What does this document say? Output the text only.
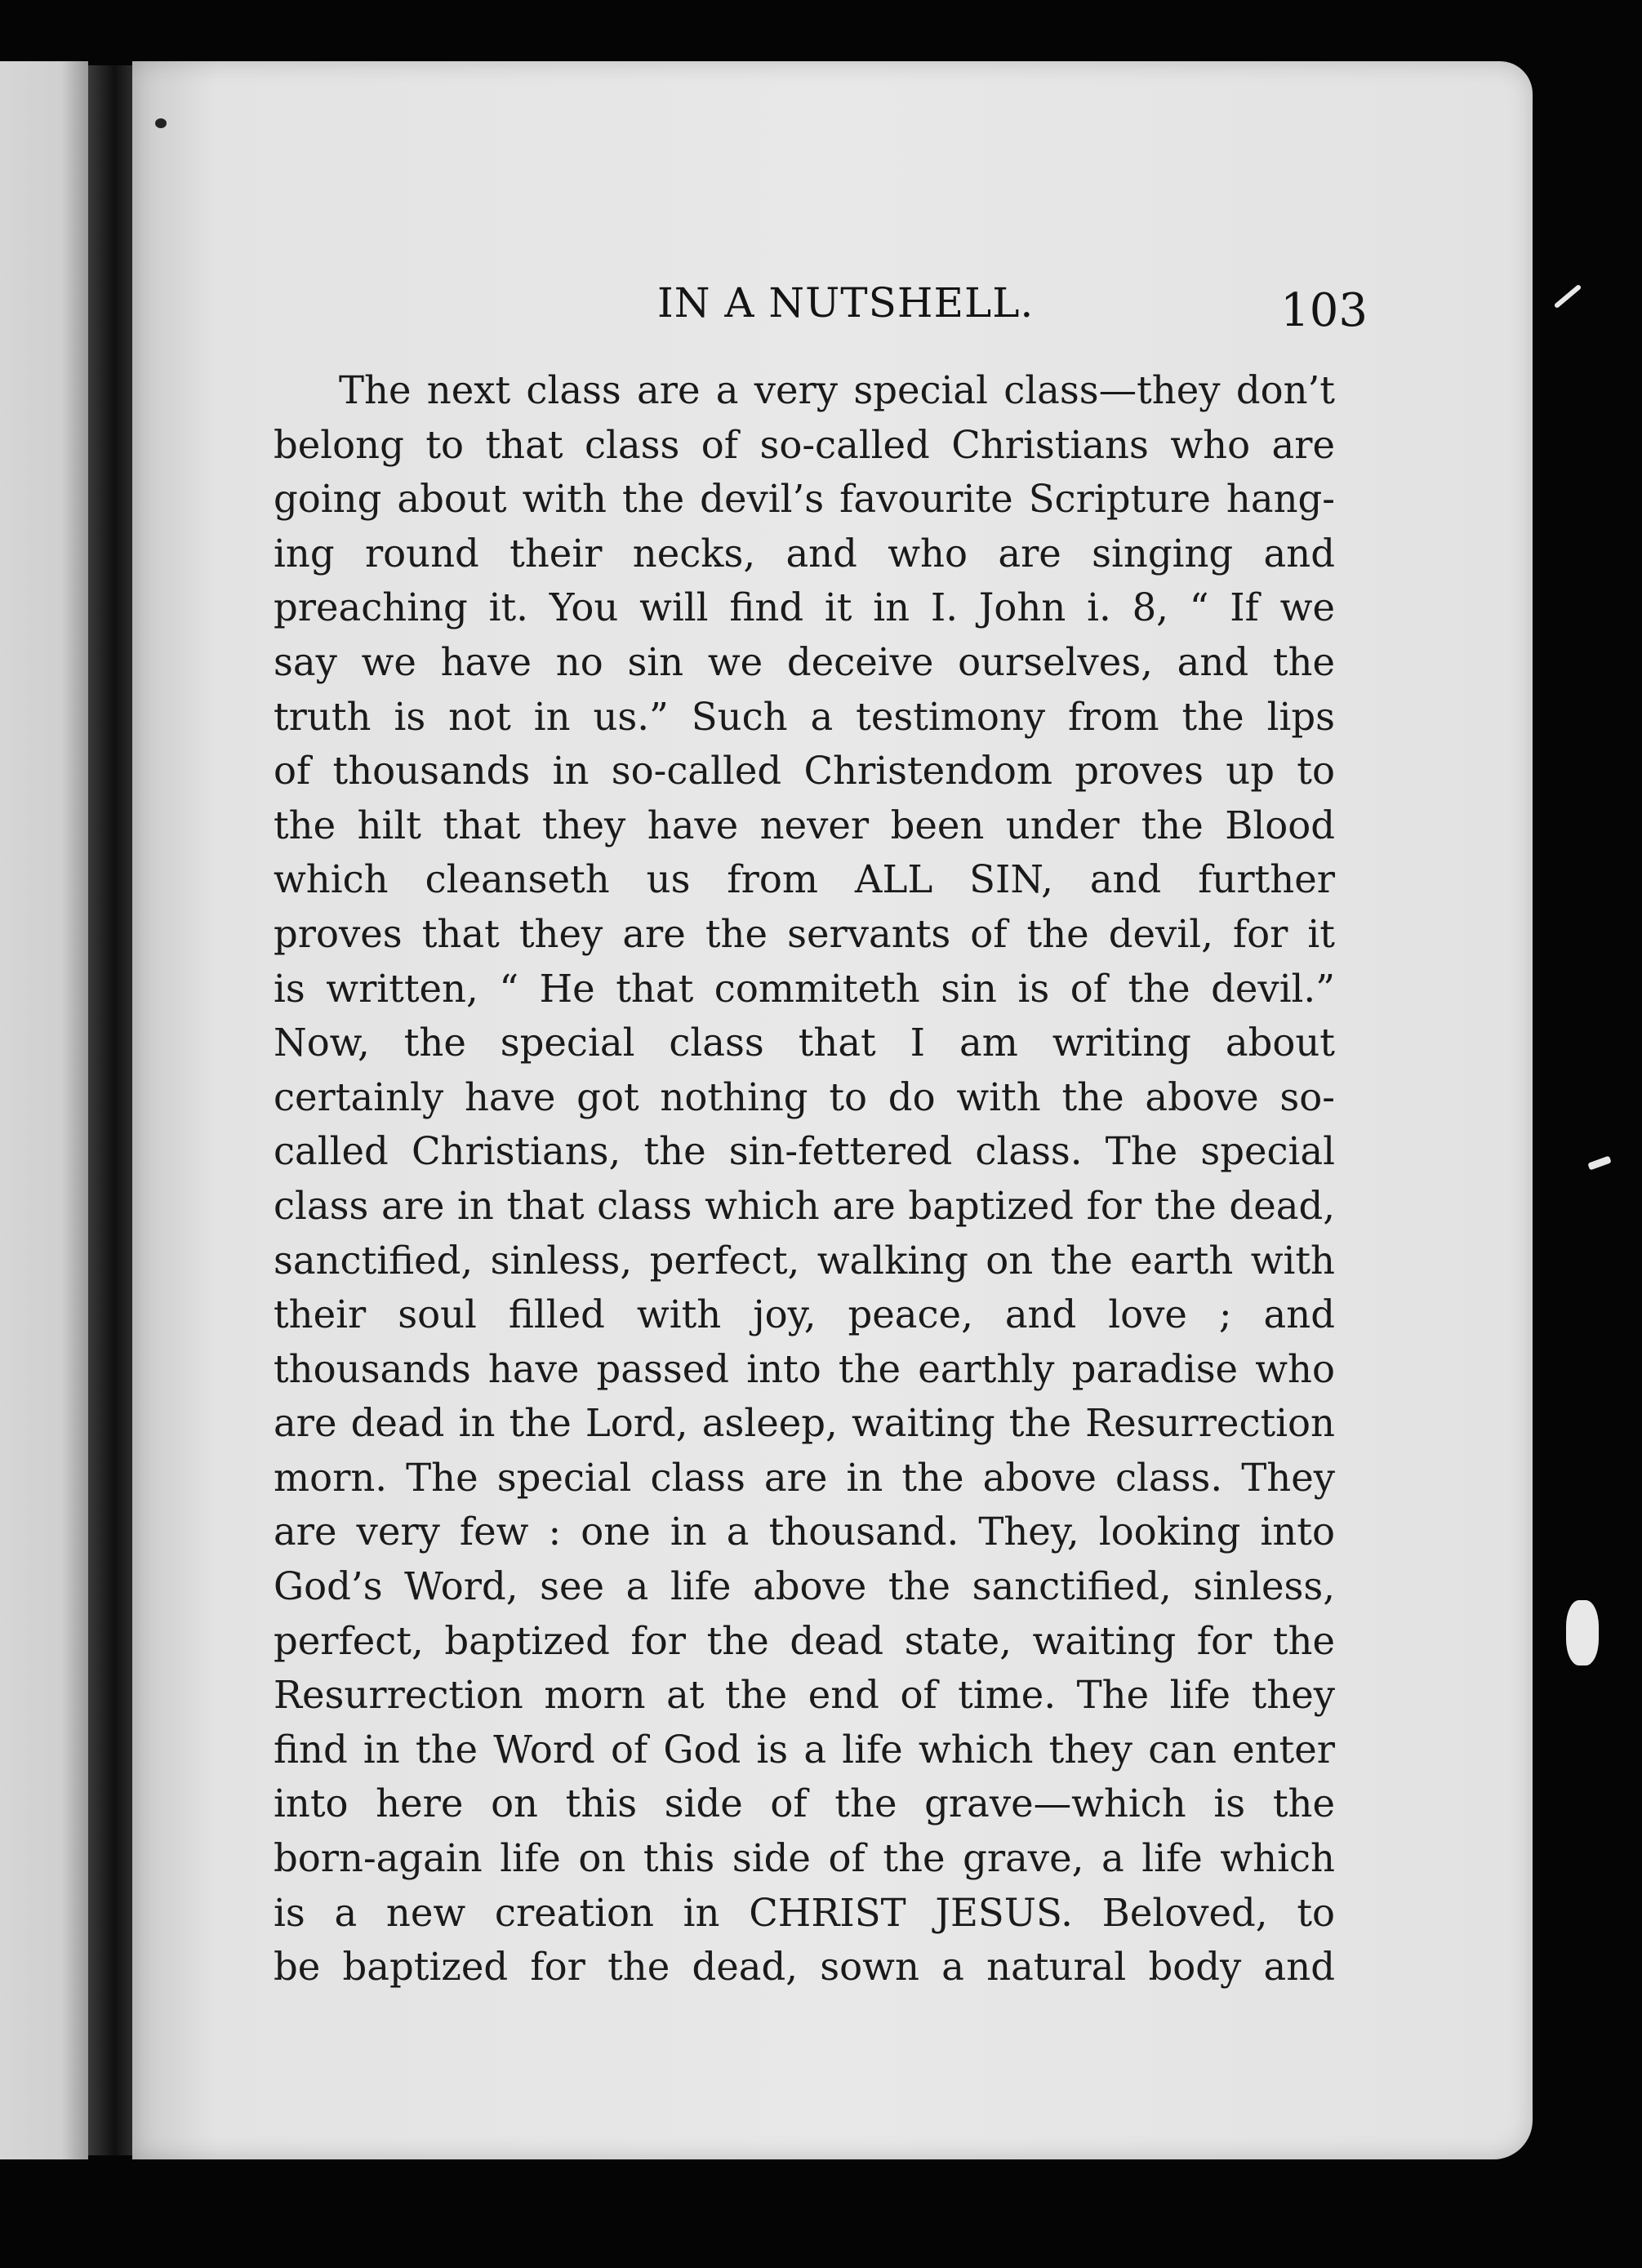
IN A NUTSHELL.	103
The next class are a very special class—they don’t
belong to that class of so-called Christians who are
going about with the devil’s favourite Scripture hang-
ing round their necks, and who are singing and
preaching it. You will find it in I. John i. 8, “ If we
say we have no sin we deceive ourselves, and the
truth is not in us.” Such a testimony from the lips
of thousands in so-called Christendom proves up to
the hilt that they have never been under the Blood
which cleanseth us from ALL SIN, and further
proves that they are the servants of the devil, for it
is written, “ He that commiteth sin is of the devil.”
Now, the special class that I am writing about
certainly have got nothing to do with the above so-
called Christians, the sin-fettered class. The special
class are in that class which are baptized for the dead,
sanctified, sinless, perfect, walking on the earth with
their soul filled with joy, peace, and love ; and
thousands have passed into the earthly paradise who
are dead in the Lord, asleep, waiting the Resurrection
morn. The special class are in the above class. They
are very few : one in a thousand. They, looking into
God’s Word, see a life above the sanctified, sinless,
perfect, baptized for the dead state, waiting for the
Resurrection morn at the end of time. The life they
find in the Word of God is a life which they can enter
into here on this side of the grave—which is the
born-again life on this side of the grave, a life which
is a new creation in CHRIST JESUS. Beloved, to
be baptized for the dead, sown a natural body and
